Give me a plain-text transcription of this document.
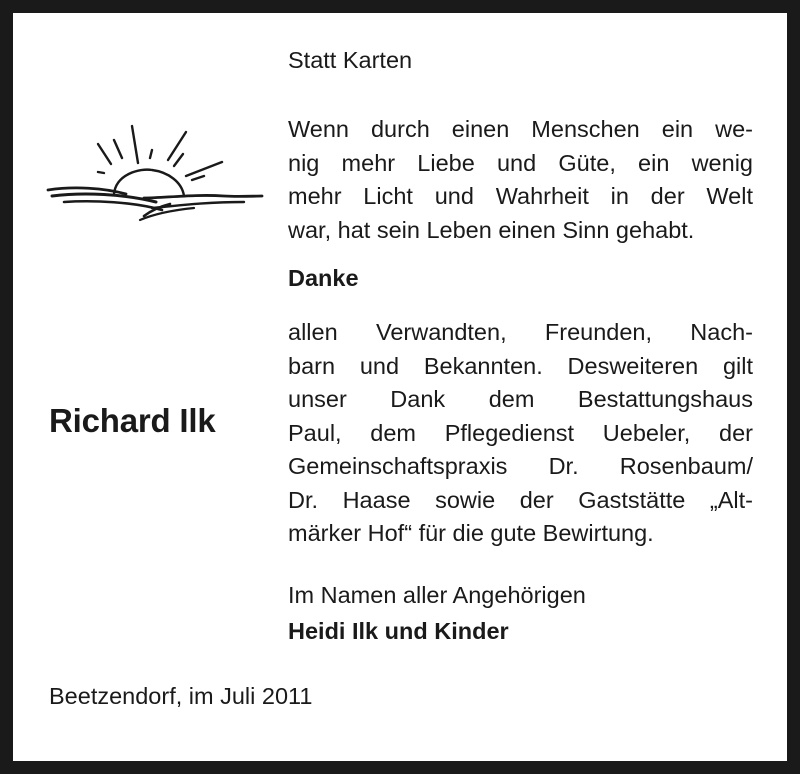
Richard Ilk
Statt Karten
Wenn durch einen Menschen ein we-
nig mehr Liebe und Güte, ein wenig
mehr Licht und Wahrheit in der Welt
war, hat sein Leben einen Sinn gehabt.
Danke
allen Verwandten, Freunden, Nach-
barn und Bekannten. Desweiteren gilt
unser Dank dem Bestattungshaus
Paul, dem Pflegedienst Uebeler, der
Gemeinschaftspraxis Dr. Rosenbaum/
Dr. Haase sowie der Gaststätte „Alt-
märker Hof“ für die gute Bewirtung.
Im Namen aller Angehörigen
Heidi Ilk und Kinder
Beetzendorf, im Juli 2011
